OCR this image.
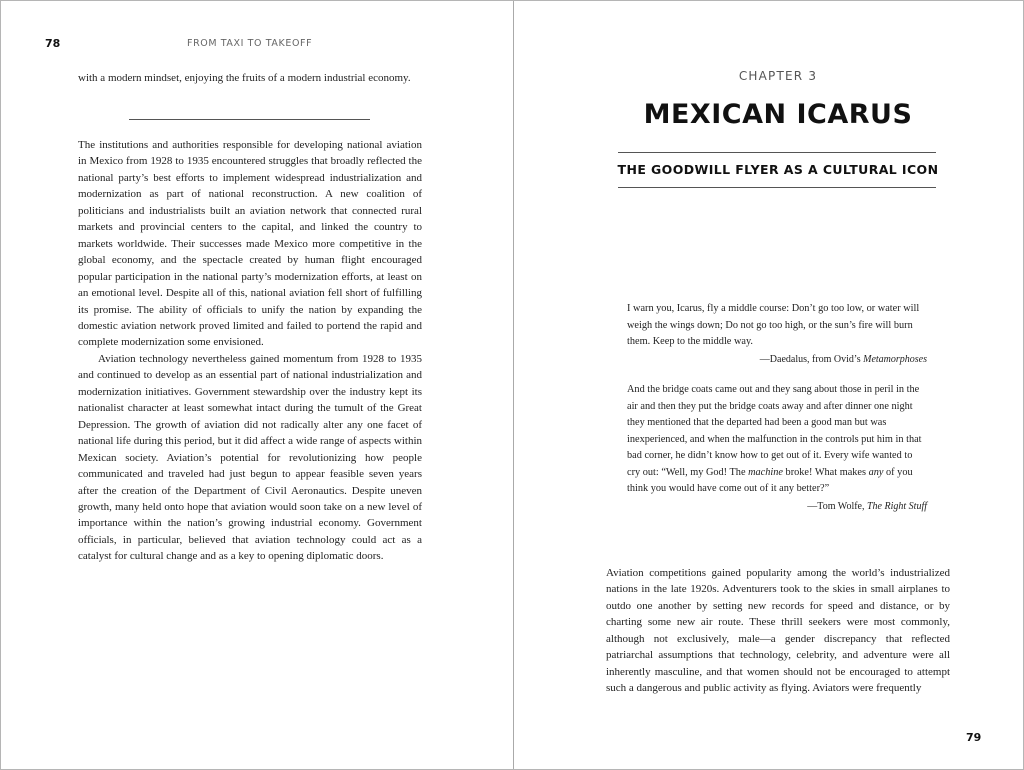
78	FROM TAXI TO TAKEOFF

with a modern mindset, enjoying the fruits of a modern industrial economy.

The institutions and authorities responsible for developing national aviation in Mexico from 1928 to 1935 encountered struggles that broadly reflected the national party’s best efforts to implement widespread industrialization and modernization as part of national reconstruction. A new coalition of politicians and industrialists built an aviation network that connected rural markets and provincial centers to the capital, and linked the country to markets worldwide. Their successes made Mexico more competitive in the global economy, and the spectacle created by human flight encouraged popular participation in the national party’s modernization efforts, at least on an emotional level. Despite all of this, national aviation fell short of fulfilling its promise. The ability of officials to unify the nation by expanding the domestic aviation network proved limited and failed to portend the rapid and complete modernization some envisioned.

Aviation technology nevertheless gained momentum from 1928 to 1935 and continued to develop as an essential part of national industrialization and modernization initiatives. Government stewardship over the industry kept its nationalist character at least somewhat intact during the tumult of the Great Depression. The growth of aviation did not radically alter any one facet of national life during this period, but it did affect a wide range of aspects within Mexican society. Aviation’s potential for revolutionizing how people communicated and traveled had just begun to appear feasible seven years after the creation of the Department of Civil Aeronautics. Despite uneven growth, many held onto hope that aviation would soon take on a new level of importance within the nation’s growing industrial economy. Government officials, in particular, believed that aviation technology could act as a catalyst for cultural change and as a key to opening diplomatic doors.

CHAPTER 3
MEXICAN ICARUS
THE GOODWILL FLYER AS A CULTURAL ICON

I warn you, Icarus, fly a middle course: Don’t go too low, or water will weigh the wings down; Do not go too high, or the sun’s fire will burn them. Keep to the middle way.

—Daedalus, from Ovid’s Metamorphoses

And the bridge coats came out and they sang about those in peril in the air and then they put the bridge coats away and after dinner one night they mentioned that the departed had been a good man but was inexperienced, and when the malfunction in the controls put him in that bad corner, he didn’t know how to get out of it. Every wife wanted to cry out: “Well, my God! The machine broke! What makes any of you think you would have come out of it any better?”

—Tom Wolfe, The Right Stuff

Aviation competitions gained popularity among the world’s industrialized nations in the late 1920s. Adventurers took to the skies in small airplanes to outdo one another by setting new records for speed and distance, or by charting some new air route. These thrill seekers were most commonly, although not exclusively, male—a gender discrepancy that reflected patriarchal assumptions that technology, celebrity, and adventure were all inherently masculine, and that women should not be encouraged to attempt such a dangerous and public activity as flying. Aviators were frequently

79
